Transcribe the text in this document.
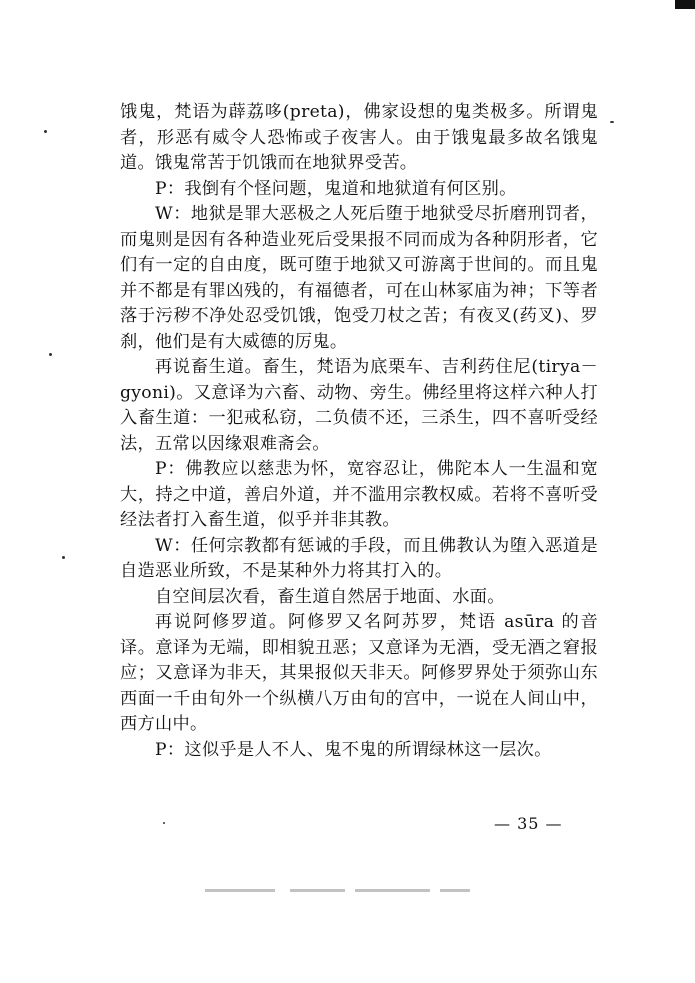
饿鬼，梵语为薜荔哆(preta)，佛家设想的鬼类极多。所谓鬼者，形恶有威令人恐怖或子夜害人。由于饿鬼最多故名饿鬼道。饿鬼常苦于饥饿而在地狱界受苦。

P：我倒有个怪问题，鬼道和地狱道有何区别。

W：地狱是罪大恶极之人死后堕于地狱受尽折磨刑罚者，而鬼则是因有各种造业死后受果报不同而成为各种阴形者，它们有一定的自由度，既可堕于地狱又可游离于世间的。而且鬼并不都是有罪凶残的，有福德者，可在山林冢庙为神；下等者落于污秽不净处忍受饥饿，饱受刀杖之苦；有夜叉(药叉)、罗刹，他们是有大威德的厉鬼。

再说畜生道。畜生，梵语为底栗车、吉利药住尼(tirya－gyoni)。又意译为六畜、动物、旁生。佛经里将这样六种人打入畜生道：一犯戒私窃，二负债不还，三杀生，四不喜听受经法，五常以因缘艰难斋会。

P：佛教应以慈悲为怀，宽容忍让，佛陀本人一生温和宽大，持之中道，善启外道，并不滥用宗教权威。若将不喜听受经法者打入畜生道，似乎并非其教。

W：任何宗教都有惩诫的手段，而且佛教认为堕入恶道是自造恶业所致，不是某种外力将其打入的。

自空间层次看，畜生道自然居于地面、水面。

再说阿修罗道。阿修罗又名阿苏罗，梵语 asūra 的音译。意译为无端，即相貌丑恶；又意译为无酒，受无酒之窘报应；又意译为非天，其果报似天非天。阿修罗界处于须弥山东西面一千由旬外一个纵横八万由旬的宫中，一说在人间山中，西方山中。

P：这似乎是人不人、鬼不鬼的所谓绿林这一层次。

— 35 —
